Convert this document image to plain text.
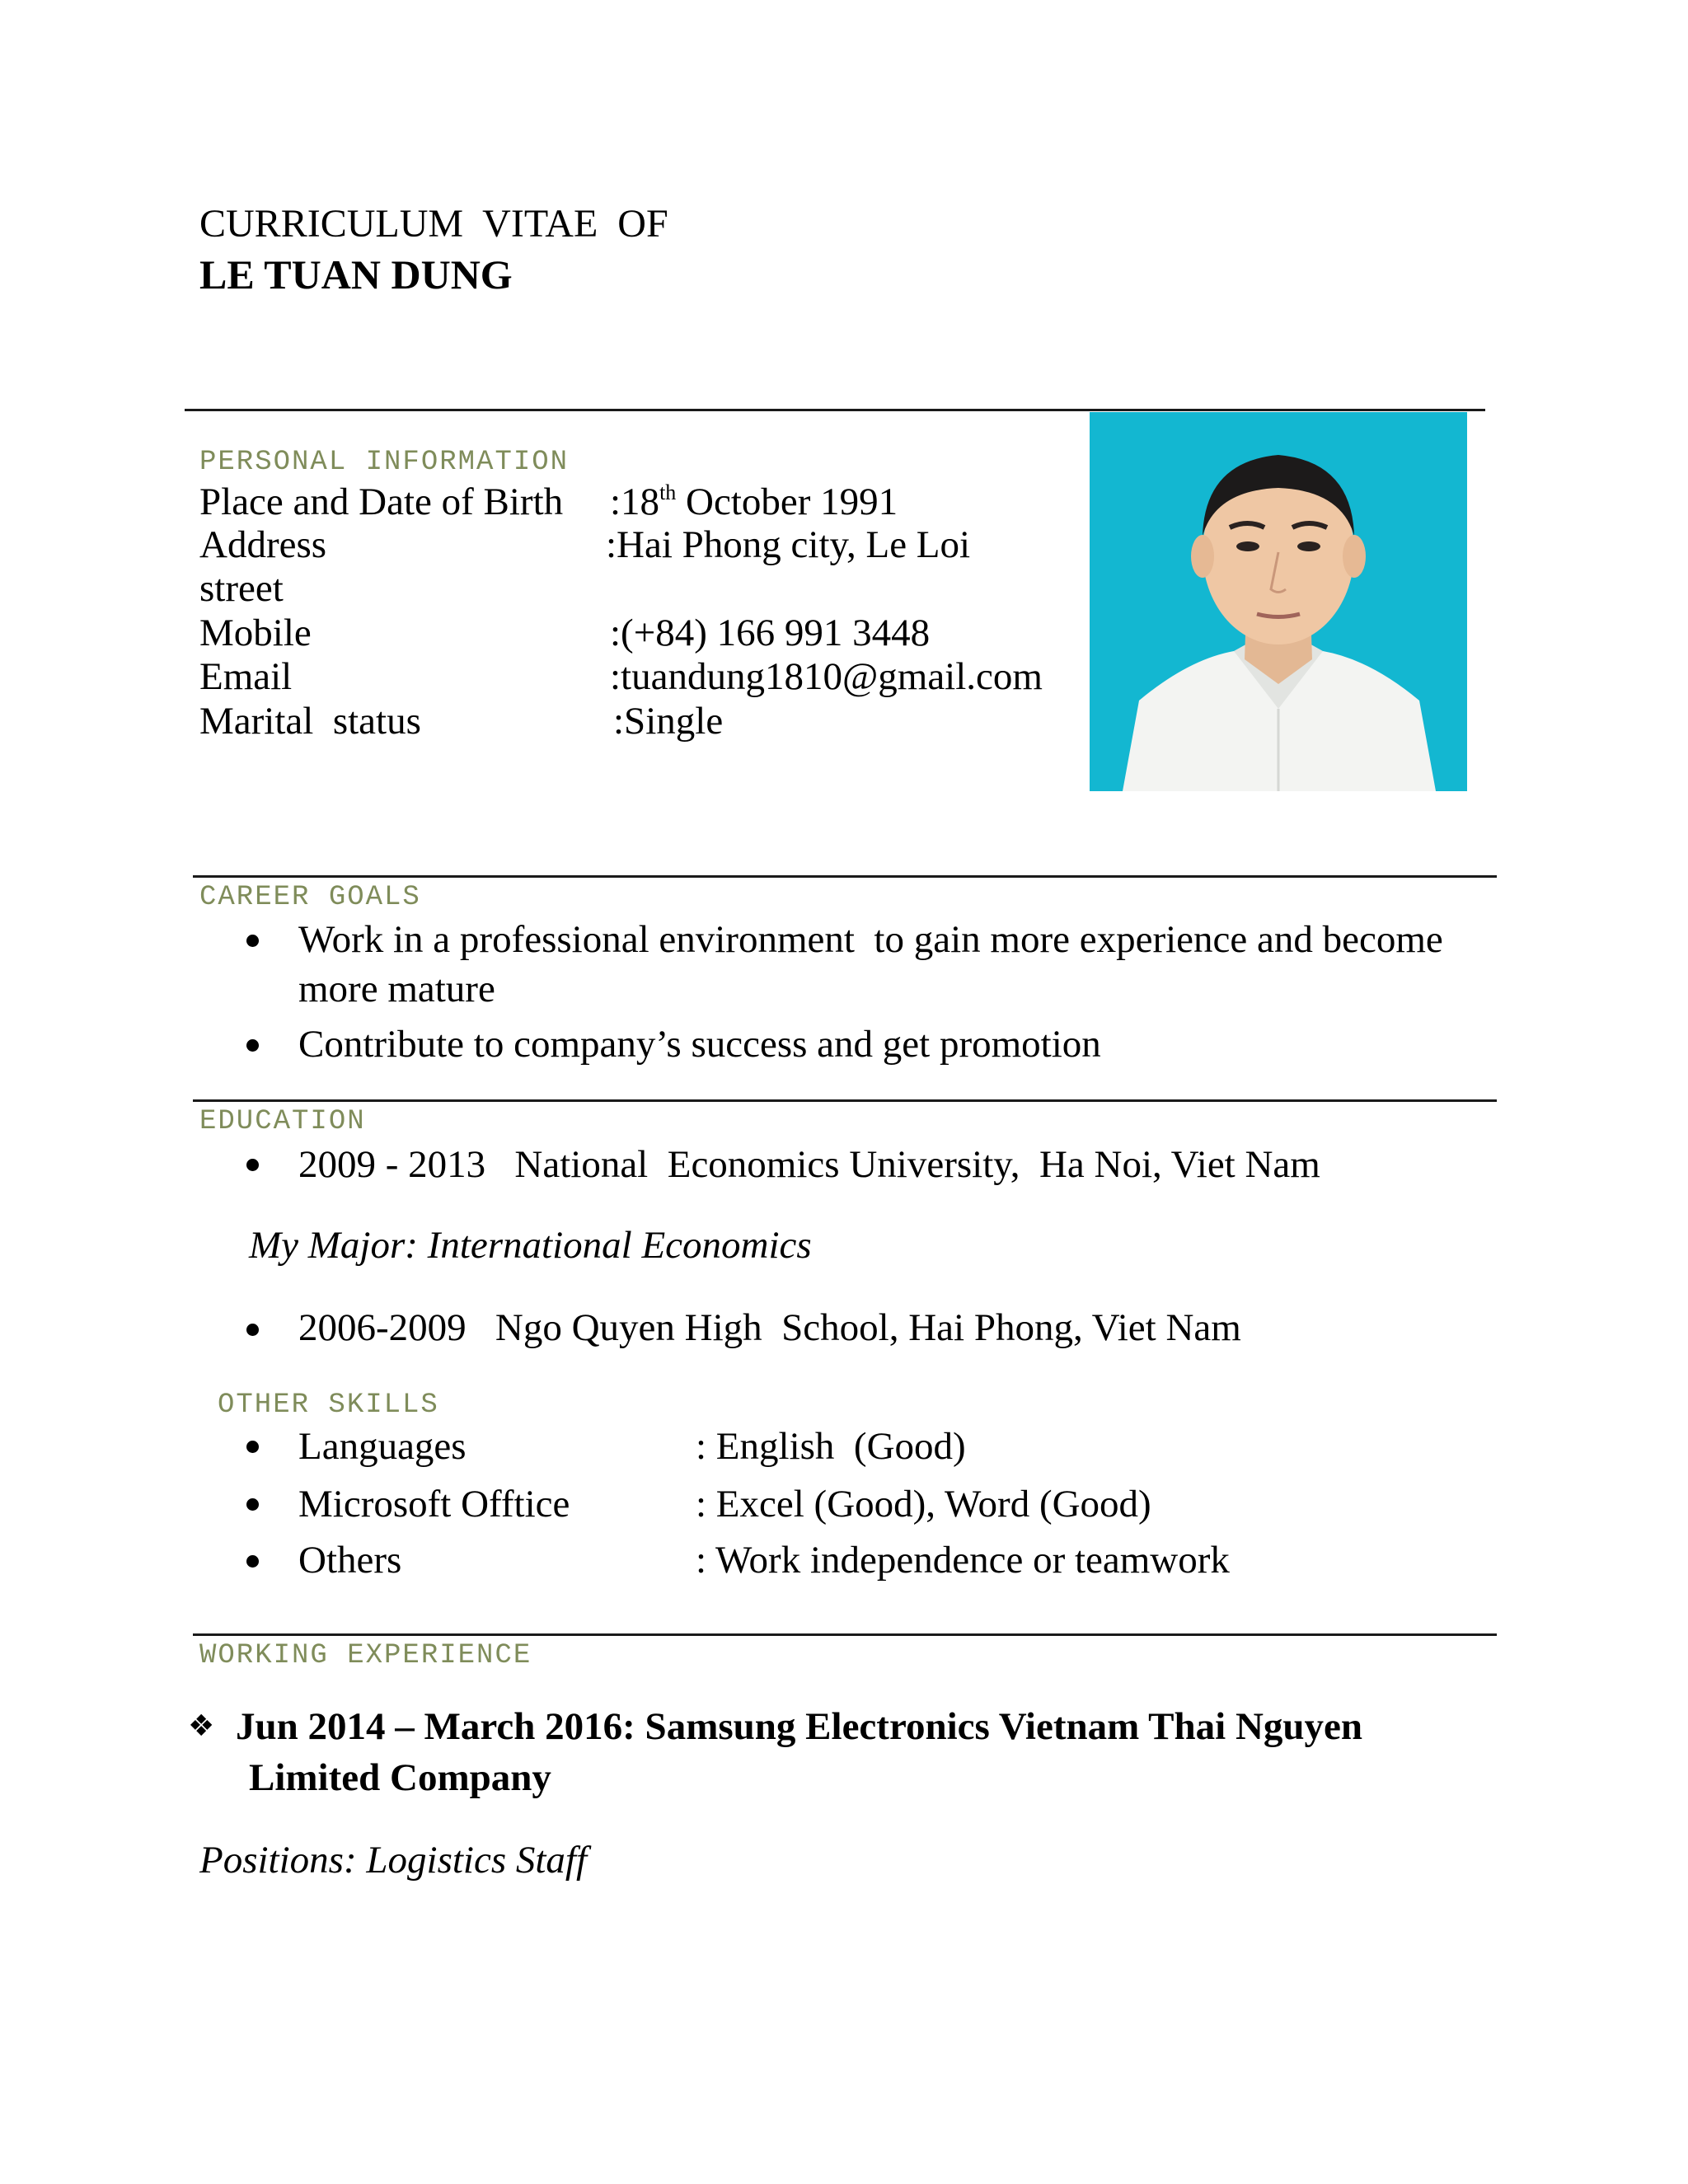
CURRICULUM  VITAE  OF
LE TUAN DUNG
PERSONAL INFORMATION
Place and Date of Birth :18th October 1991
Address	:Hai Phong city, Le Loi
street
Mobile	:(+84) 166 991 3448
Email	:tuandung1810@gmail.com
Marital  status	:Single
CAREER GOALS
Work in a professional environment  to gain more experience and become
more mature
Contribute to company’s success and get promotion
EDUCATION
2009 - 2013   National  Economics University,  Ha Noi, Viet Nam
My Major: International Economics
2006-2009   Ngo Quyen High  School, Hai Phong, Viet Nam
OTHER SKILLS
Languages	: English  (Good)
Microsoft Offtice	: Excel (Good), Word (Good)
Others	: Work independence or teamwork
WORKING EXPERIENCE
❖ Jun 2014 – March 2016: Samsung Electronics Vietnam Thai Nguyen
Limited Company
Positions: Logistics Staff
